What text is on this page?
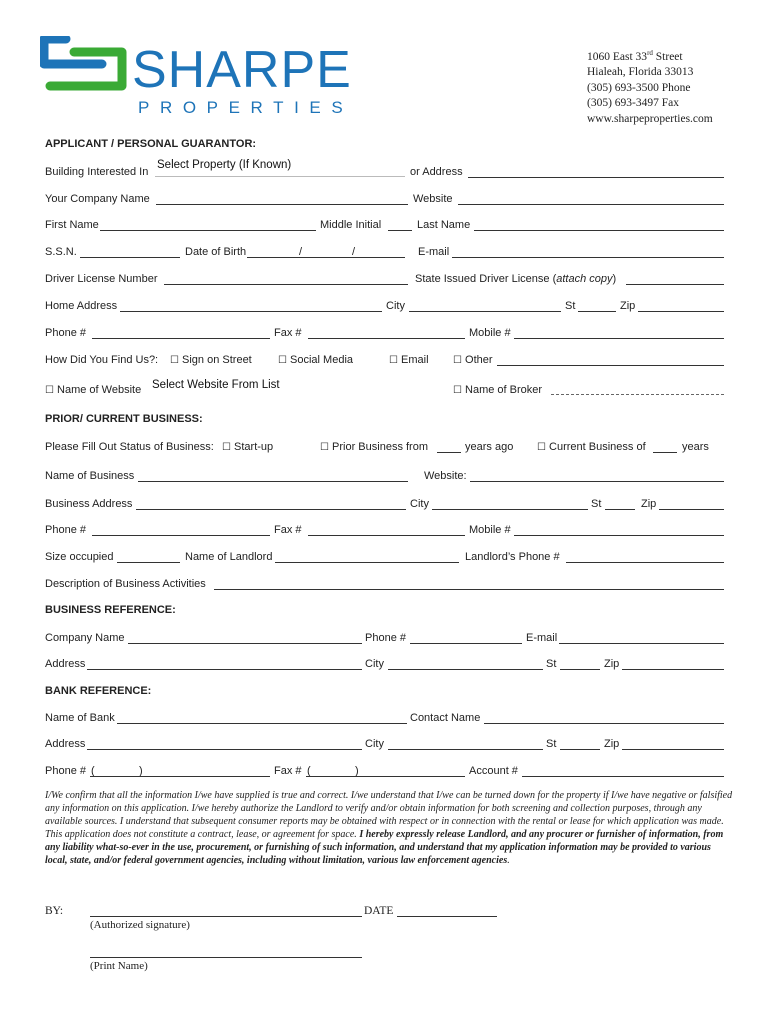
SHARPE
PROPERTIES
1060 East 33rd Street
Hialeah, Florida 33013
(305) 693-3500 Phone
(305) 693-3497 Fax
www.sharpeproperties.com
APPLICANT / PERSONAL GUARANTOR:
Building Interested In
Select Property (If Known)
or Address
Your Company Name	Website
First Name	Middle Initial	Last Name
S.S.N.	Date of Birth	/	/	E-mail
Driver License Number	State Issued Driver License (attach copy)
Home Address	City	St	Zip
Phone #	Fax #	Mobile #
How Did You Find Us?: ☐ Sign on Street	☐ Social Media	☐ Email ☐ Other
☐ Name of Website Select Website From List	☐ Name of Broker
PRIOR/ CURRENT BUSINESS:
Please Fill Out Status of Business: ☐ Start-up	☐ Prior Business from	years ago ☐ Current Business of	years
Name of Business	Website:
Business Address	City	St	Zip
Phone #	Fax #	Mobile #
Size occupied	Name of Landlord	Landlord’s Phone #
Description of Business Activities
BUSINESS REFERENCE:
Company Name	Phone #	E-mail
Address	City	St	Zip
BANK REFERENCE:
Name of Bank	Contact Name
Address	City	St	Zip
Phone # (	)	Fax # (	)	Account #
I/We confirm that all the information I/we have supplied is true and correct. I/we understand that I/we can be turned down for the property if I/we have negative or falsified any information on this application. I/we hereby authorize the Landlord to verify and/or obtain information for both screening and collection purposes, through any available sources. I understand that subsequent consumer reports may be obtained with respect or in connection with the rental or lease for which application was made. This application does not constitute a contract, lease, or agreement for space. I hereby expressly release Landlord, and any procurer or furnisher of information, from any liability what-so-ever in the use, procurement, or furnishing of such information, and understand that my application information may be provided to various local, state, and/or federal government agencies, including without limitation, various law enforcement agencies.
BY:	DATE
(Authorized signature)
(Print Name)
